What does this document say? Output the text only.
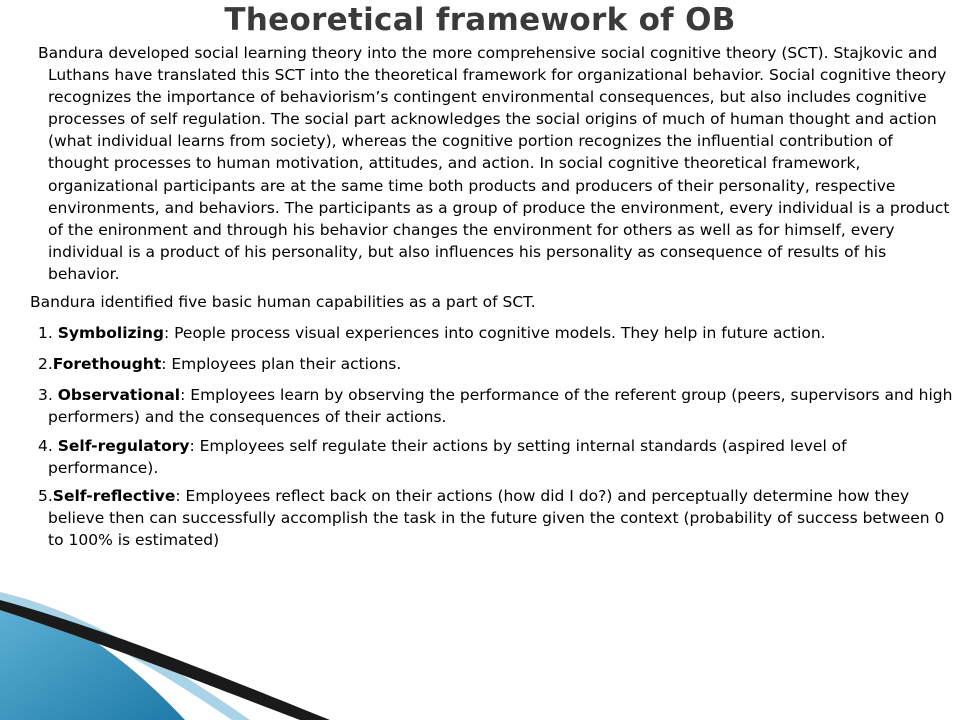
Theoretical framework of OB

Bandura developed social learning theory into the more comprehensive social cognitive theory (SCT). Stajkovic and Luthans have translated this SCT into the theoretical framework for organizational behavior. Social cognitive theory recognizes the importance of behaviorism’s contingent environmental consequences, but also includes cognitive processes of self regulation. The social part acknowledges the social origins of much of human thought and action (what individual learns from society), whereas the cognitive portion recognizes the influential contribution of thought processes to human motivation, attitudes, and action. In social cognitive theoretical framework, organizational participants are at the same time both products and producers of their personality, respective environments, and behaviors. The participants as a group of produce the environment, every individual is a product of the enironment and through his behavior changes the environment for others as well as for himself, every individual is a product of his personality, but also influences his personality as consequence of results of his behavior.

Bandura identified five basic human capabilities as a part of SCT.

1. Symbolizing: People process visual experiences into cognitive models. They help in future action.

2.Forethought: Employees plan their actions.

3. Observational: Employees learn by observing the performance of the referent group (peers, supervisors and high performers) and the consequences of their actions.

4. Self-regulatory: Employees self regulate their actions by setting internal standards (aspired level of performance).

5.Self-reflective: Employees reflect back on their actions (how did I do?) and perceptually determine how they believe then can successfully accomplish the task in the future given the context (probability of success between 0 to 100% is estimated)
